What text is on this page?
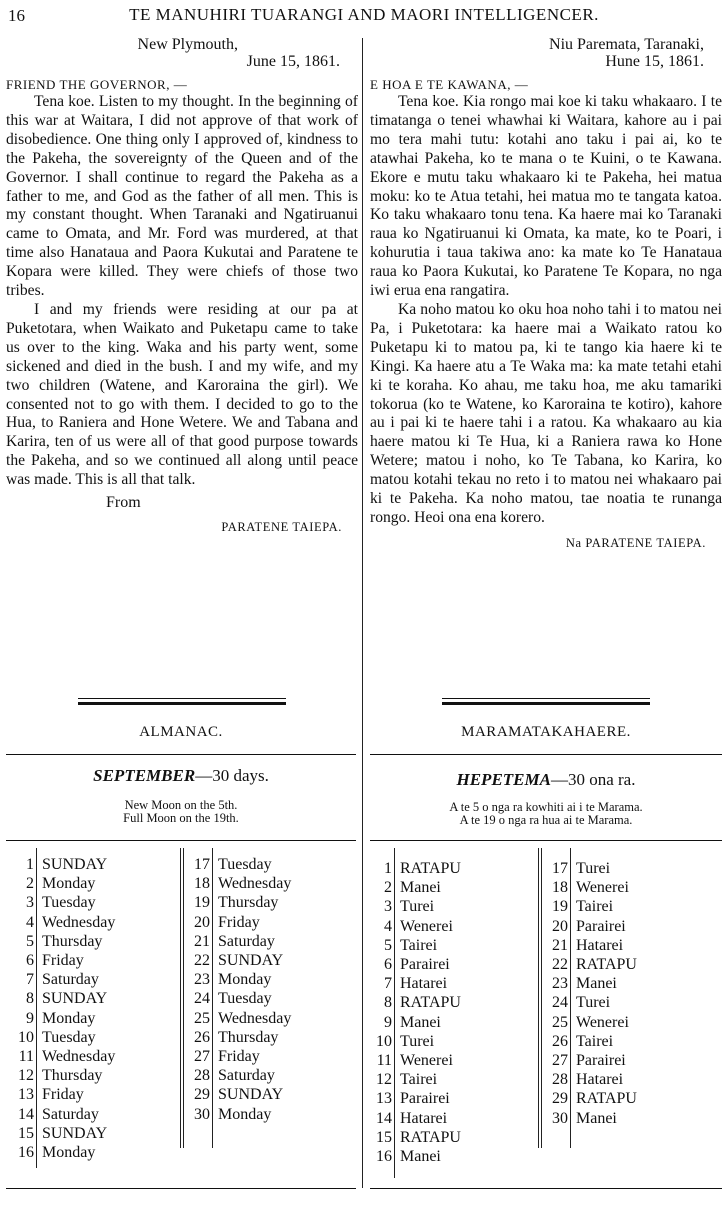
16	TE MANUHIRI TUARANGI AND MAORI INTELLIGENCER.
New Plymouth,
June 15, 1861.
FRIEND THE GOVERNOR, —

Tena koe. Listen to my thought. In the beginning of this war at Waitara, I did not approve of that work of disobedience. One thing only I approved of, kindness to the Pakeha, the sovereignty of the Queen and of the Governor. I shall continue to regard the Pakeha as a father to me, and God as the father of all men. This is my constant thought. When Taranaki and Ngatiruanui came to Omata, and Mr. Ford was murdered, at that time also Hanataua and Paora Kukutai and Paratene te Kopara were killed. They were chiefs of those two tribes.

I and my friends were residing at our pa at Puketotara, when Waikato and Puketapu came to take us over to the king. Waka and his party went, some sickened and died in the bush. I and my wife, and my two children (Watene, and Karoraina the girl). We consented not to go with them. I decided to go to the Hua, to Raniera and Hone Wetere. We and Tabana and Karira, ten of us were all of that good purpose towards the Pakeha, and so we continued all along until peace was made. This is all that talk.

From
PARATENE TAIEPA.
Niu Paremata, Taranaki,
Hune 15, 1861.
E HOA E TE KAWANA, —

Tena koe. Kia rongo mai koe ki taku whakaaro. I te timatanga o tenei whawhai ki Waitara, kahore au i pai mo tera mahi tutu: kotahi ano taku i pai ai, ko te atawhai Pakeha, ko te mana o te Kuini, o te Kawana. Ekore e mutu taku whakaaro ki te Pakeha, hei matua moku: ko te Atua tetahi, hei matua mo te tangata katoa. Ko taku whakaaro tonu tena. Ka haere mai ko Taranaki raua ko Ngatiruanui ki Omata, ka mate, ko te Poari, i kohurutia i taua takiwa ano: ka mate ko Te Hanataua raua ko Paora Kukutai, ko Paratene Te Kopara, no nga iwi erua ena rangatira.

Ka noho matou ko oku hoa noho tahi i to matou nei Pa, i Puketotara: ka haere mai a Waikato ratou ko Puketapu ki to matou pa, ki te tango kia haere ki te Kingi. Ka haere atu a Te Waka ma: ka mate tetahi etahi ki te koraha. Ko ahau, me taku hoa, me aku tamariki tokorua (ko te Watene, ko Karoraina te kotiro), kahore au i pai ki te haere tahi i a ratou. Ka whakaaro au kia haere matou ki Te Hua, ki a Raniera rawa ko Hone Wetere; matou i noho, ko Te Tabana, ko Karira, ko matou kotahi tekau no reto i to matou nei whakaaro pai ki te Pakeha. Ka noho matou, tae noatia te runanga rongo. Heoi ona ena korero.

Na PARATENE TAIEPA.
ALMANAC.
SEPTEMBER—30 days.
New Moon on the 5th.
Full Moon on the 19th.
1 SUNDAY
2 Monday
3 Tuesday
4 Wednesday
5 Thursday
6 Friday
7 Saturday
8 SUNDAY
9 Monday
10 Tuesday
11 Wednesday
12 Thursday
13 Friday
14 Saturday
15 SUNDAY
16 Monday
17 Tuesday
18 Wednesday
19 Thursday
20 Friday
21 Saturday
22 SUNDAY
23 Monday
24 Tuesday
25 Wednesday
26 Thursday
27 Friday
28 Saturday
29 SUNDAY
30 Monday
MARAMATAKAHAERE.
HEPETEMA—30 ona ra.
A te 5 o nga ra kowhiti ai i te Marama.
A te 19 o nga ra hua ai te Marama.
1 RATAPU
2 Manei
3 Turei
4 Wenerei
5 Tairei
6 Parairei
7 Hatarei
8 RATAPU
9 Manei
10 Turei
11 Wenerei
12 Tairei
13 Parairei
14 Hatarei
15 RATAPU
16 Manei
17 Turei
18 Wenerei
19 Tairei
20 Parairei
21 Hatarei
22 RATAPU
23 Manei
24 Turei
25 Wenerei
26 Tairei
27 Parairei
28 Hatarei
29 RATAPU
30 Manei
